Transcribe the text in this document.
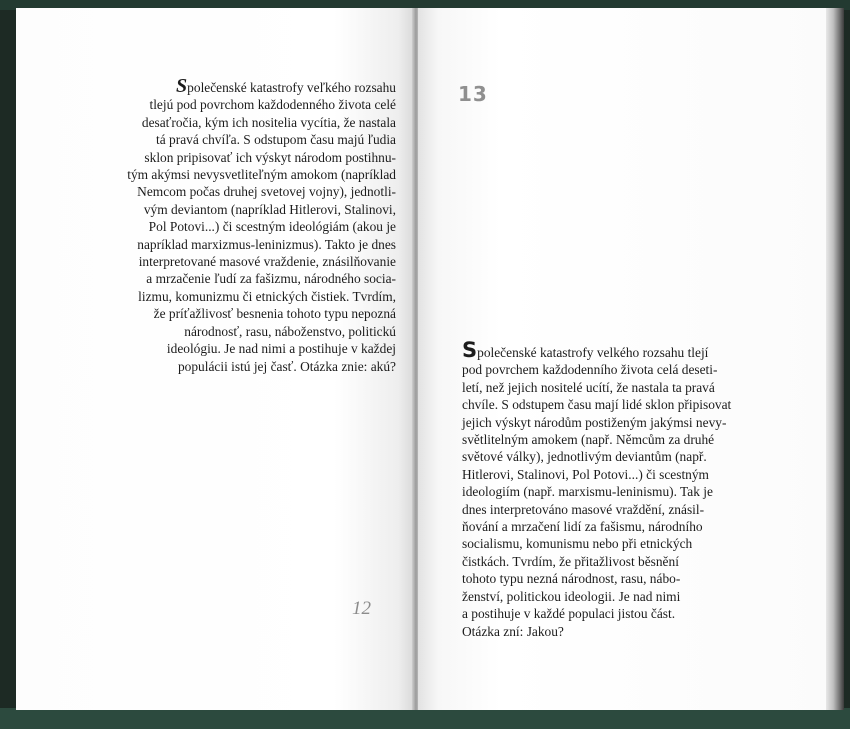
Společenské katastrofy veľkého rozsahu
tlejú pod povrchom každodenného života celé
desaťročia, kým ich nositelia vycítia, že nastala
tá pravá chvíľa. S odstupom času majú ľudia
sklon pripisovať ich výskyt národom postihnu-
tým akýmsi nevysvetliteľným amokom (napríklad
Nemcom počas druhej svetovej vojny), jednotli-
vým deviantom (napríklad Hitlerovi, Stalinovi,
Pol Potovi...) či scestným ideológiám (akou je
napríklad marxizmus-leninizmus). Takto je dnes
interpretované masové vraždenie, znásilňovanie
a mrzačenie ľudí za fašizmu, národného socia-
lizmu, komunizmu či etnických čistiek. Tvrdím,
že príťažlivosť besnenia tohoto typu nepozná
národnosť, rasu, náboženstvo, politickú
ideológiu. Je nad nimi a postihuje v každej
populácii istú jej časť. Otázka znie: akú?
12
13
Společenské katastrofy velkého rozsahu tlejí
pod povrchem každodenního života celá deseti-
letí, než jejich nositelé ucítí, že nastala ta pravá
chvíle. S odstupem času mají lidé sklon připisovat
jejich výskyt národům postiženým jakýmsi nevy-
světlitelným amokem (např. Němcům za druhé
světové války), jednotlivým deviantům (např.
Hitlerovi, Stalinovi, Pol Potovi...) či scestným
ideologiím (např. marxismu-leninismu). Tak je
dnes interpretováno masové vraždění, znásil-
ňování a mrzačení lidí za fašismu, národního
socialismu, komunismu nebo při etnických
čistkách. Tvrdím, že přitažlivost běsnění
tohoto typu nezná národnost, rasu, nábo-
ženství, politickou ideologii. Je nad nimi
a postihuje v každé populaci jistou část.
Otázka zní: Jakou?
